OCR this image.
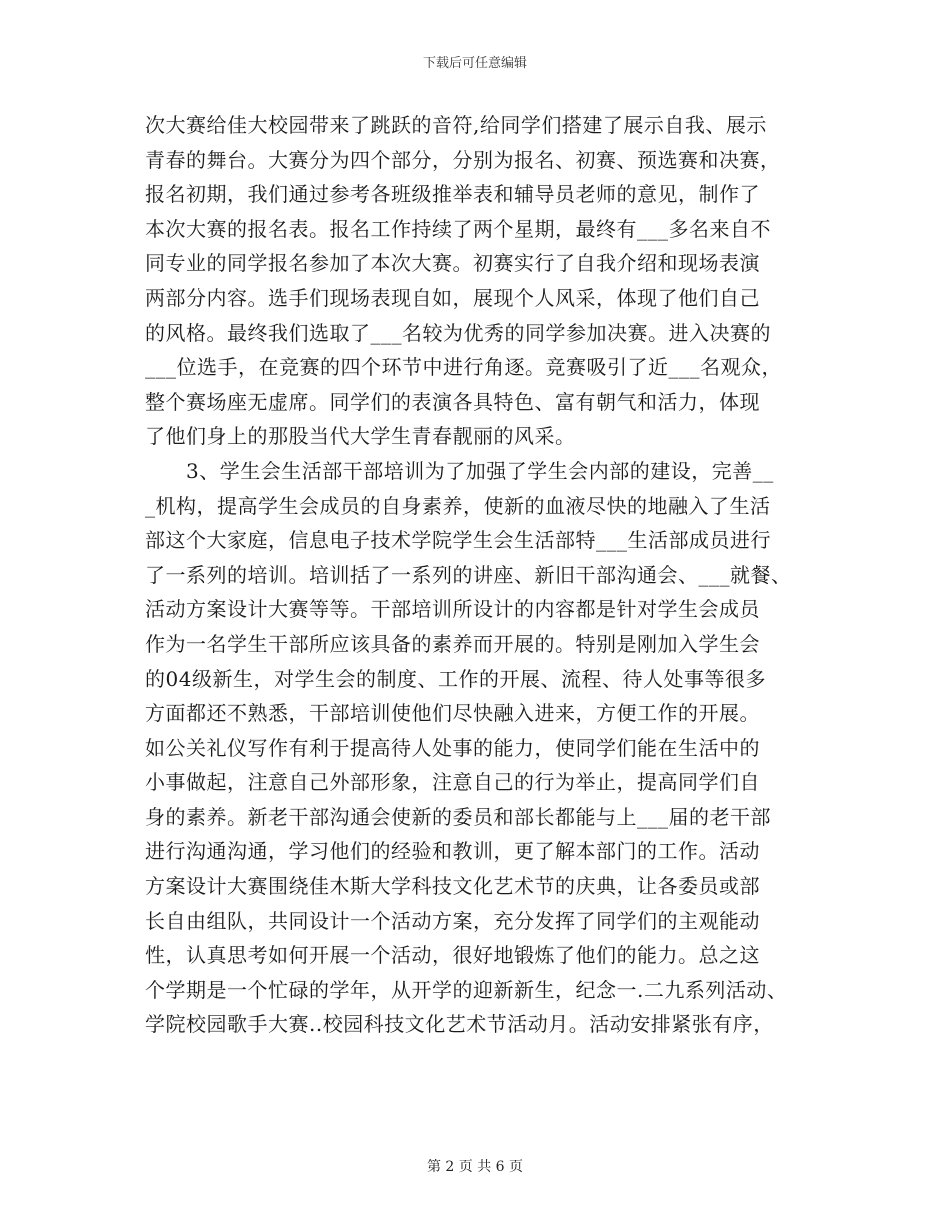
下载后可任意编辑
次大赛给佳大校园带来了跳跃的音符,给同学们搭建了展示自我、展示
青春的舞台。大赛分为四个部分，分别为报名、初赛、预选赛和决赛，
报名初期，我们通过参考各班级推举表和辅导员老师的意见，制作了
本次大赛的报名表。报名工作持续了两个星期，最终有___多名来自不
同专业的同学报名参加了本次大赛。初赛实行了自我介绍和现场表演
两部分内容。选手们现场表现自如，展现个人风采，体现了他们自己
的风格。最终我们选取了___名较为优秀的同学参加决赛。进入决赛的
___位选手，在竞赛的四个环节中进行角逐。竞赛吸引了近___名观众，
整个赛场座无虚席。同学们的表演各具特色、富有朝气和活力，体现
了他们身上的那股当代大学生青春靓丽的风采。
　　3、学生会生活部干部培训为了加强了学生会内部的建设，完善__
_机构，提高学生会成员的自身素养，使新的血液尽快的地融入了生活
部这个大家庭，信息电子技术学院学生会生活部特___生活部成员进行
了一系列的培训。培训括了一系列的讲座、新旧干部沟通会、___就餐、
活动方案设计大赛等等。干部培训所设计的内容都是针对学生会成员
作为一名学生干部所应该具备的素养而开展的。特别是刚加入学生会
的04级新生，对学生会的制度、工作的开展、流程、待人处事等很多
方面都还不熟悉，干部培训使他们尽快融入进来，方便工作的开展。
如公关礼仪写作有利于提高待人处事的能力，使同学们能在生活中的
小事做起，注意自己外部形象，注意自己的行为举止，提高同学们自
身的素养。新老干部沟通会使新的委员和部长都能与上___届的老干部
进行沟通沟通，学习他们的经验和教训，更了解本部门的工作。活动
方案设计大赛围绕佳木斯大学科技文化艺术节的庆典，让各委员或部
长自由组队，共同设计一个活动方案，充分发挥了同学们的主观能动
性，认真思考如何开展一个活动，很好地锻炼了他们的能力。总之这
个学期是一个忙碌的学年，从开学的迎新新生，纪念一.二九系列活动、
学院校园歌手大赛..校园科技文化艺术节活动月。活动安排紧张有序，
第 2 页 共 6 页
